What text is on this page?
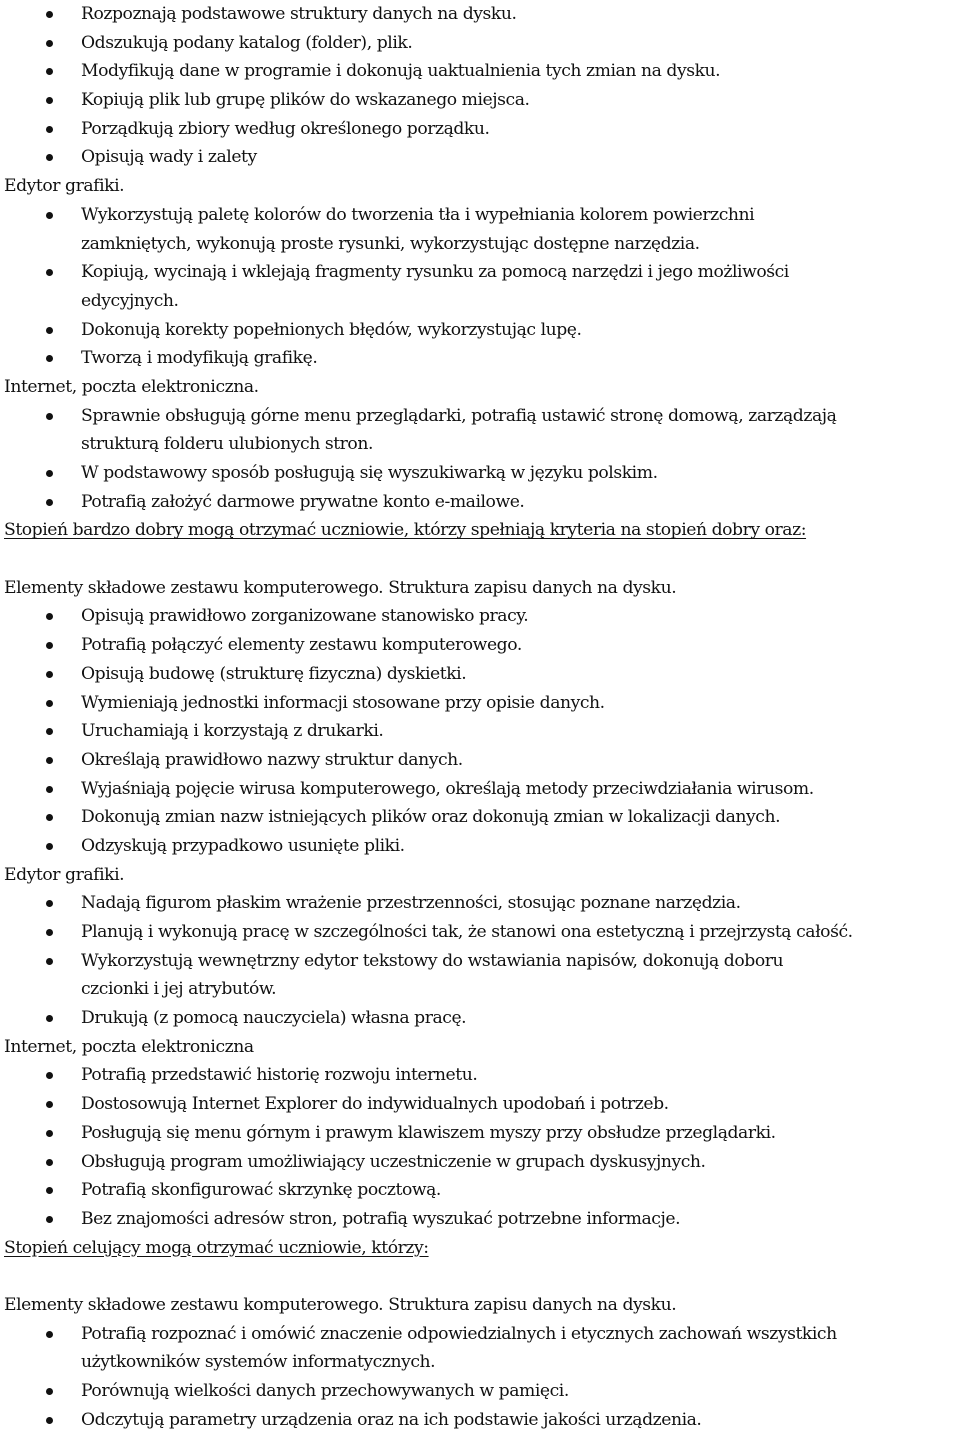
Rozpoznają podstawowe struktury danych na dysku.
Odszukują podany katalog (folder), plik.
Modyfikują dane w programie i dokonują uaktualnienia tych zmian na dysku.
Kopiują plik lub grupę plików do wskazanego miejsca.
Porządkują zbiory według określonego porządku.
Opisują wady i zalety
Edytor grafiki.
Wykorzystują paletę kolorów do tworzenia tła i wypełniania kolorem powierzchni
zamkniętych, wykonują proste rysunki, wykorzystując dostępne narzędzia.
Kopiują, wycinają i wklejają fragmenty rysunku za pomocą narzędzi i jego możliwości
edycyjnych.
Dokonują korekty popełnionych błędów, wykorzystując lupę.
Tworzą i modyfikują grafikę.
Internet, poczta elektroniczna.
Sprawnie obsługują górne menu przeglądarki, potrafią ustawić stronę domową, zarządzają
strukturą folderu ulubionych stron.
W podstawowy sposób posługują się wyszukiwarką w języku polskim.
Potrafią założyć darmowe prywatne konto e-mailowe.
Stopień bardzo dobry mogą otrzymać uczniowie, którzy spełniają kryteria na stopień dobry oraz:
Elementy składowe zestawu komputerowego. Struktura zapisu danych na dysku.
Opisują prawidłowo zorganizowane stanowisko pracy.
Potrafią połączyć elementy zestawu komputerowego.
Opisują budowę (strukturę fizyczna) dyskietki.
Wymieniają jednostki informacji stosowane przy opisie danych.
Uruchamiają i korzystają z drukarki.
Określają prawidłowo nazwy struktur danych.
Wyjaśniają pojęcie wirusa komputerowego, określają metody przeciwdziałania wirusom.
Dokonują zmian nazw istniejących plików oraz dokonują zmian w lokalizacji danych.
Odzyskują przypadkowo usunięte pliki.
Edytor grafiki.
Nadają figurom płaskim wrażenie przestrzenności, stosując poznane narzędzia.
Planują i wykonują pracę w szczególności tak, że stanowi ona estetyczną i przejrzystą całość.
Wykorzystują wewnętrzny edytor tekstowy do wstawiania napisów, dokonują doboru
czcionki i jej atrybutów.
Drukują (z pomocą nauczyciela) własna pracę.
Internet, poczta elektroniczna
Potrafią przedstawić historię rozwoju internetu.
Dostosowują Internet Explorer do indywidualnych upodobań i potrzeb.
Posługują się menu górnym i prawym klawiszem myszy przy obsłudze przeglądarki.
Obsługują program umożliwiający uczestniczenie w grupach dyskusyjnych.
Potrafią skonfigurować skrzynkę pocztową.
Bez znajomości adresów stron, potrafią wyszukać potrzebne informacje.
Stopień celujący mogą otrzymać uczniowie, którzy:
Elementy składowe zestawu komputerowego. Struktura zapisu danych na dysku.
Potrafią rozpoznać i omówić znaczenie odpowiedzialnych i etycznych zachowań wszystkich
użytkowników systemów informatycznych.
Porównują wielkości danych przechowywanych w pamięci.
Odczytują parametry urządzenia oraz na ich podstawie jakości urządzenia.
